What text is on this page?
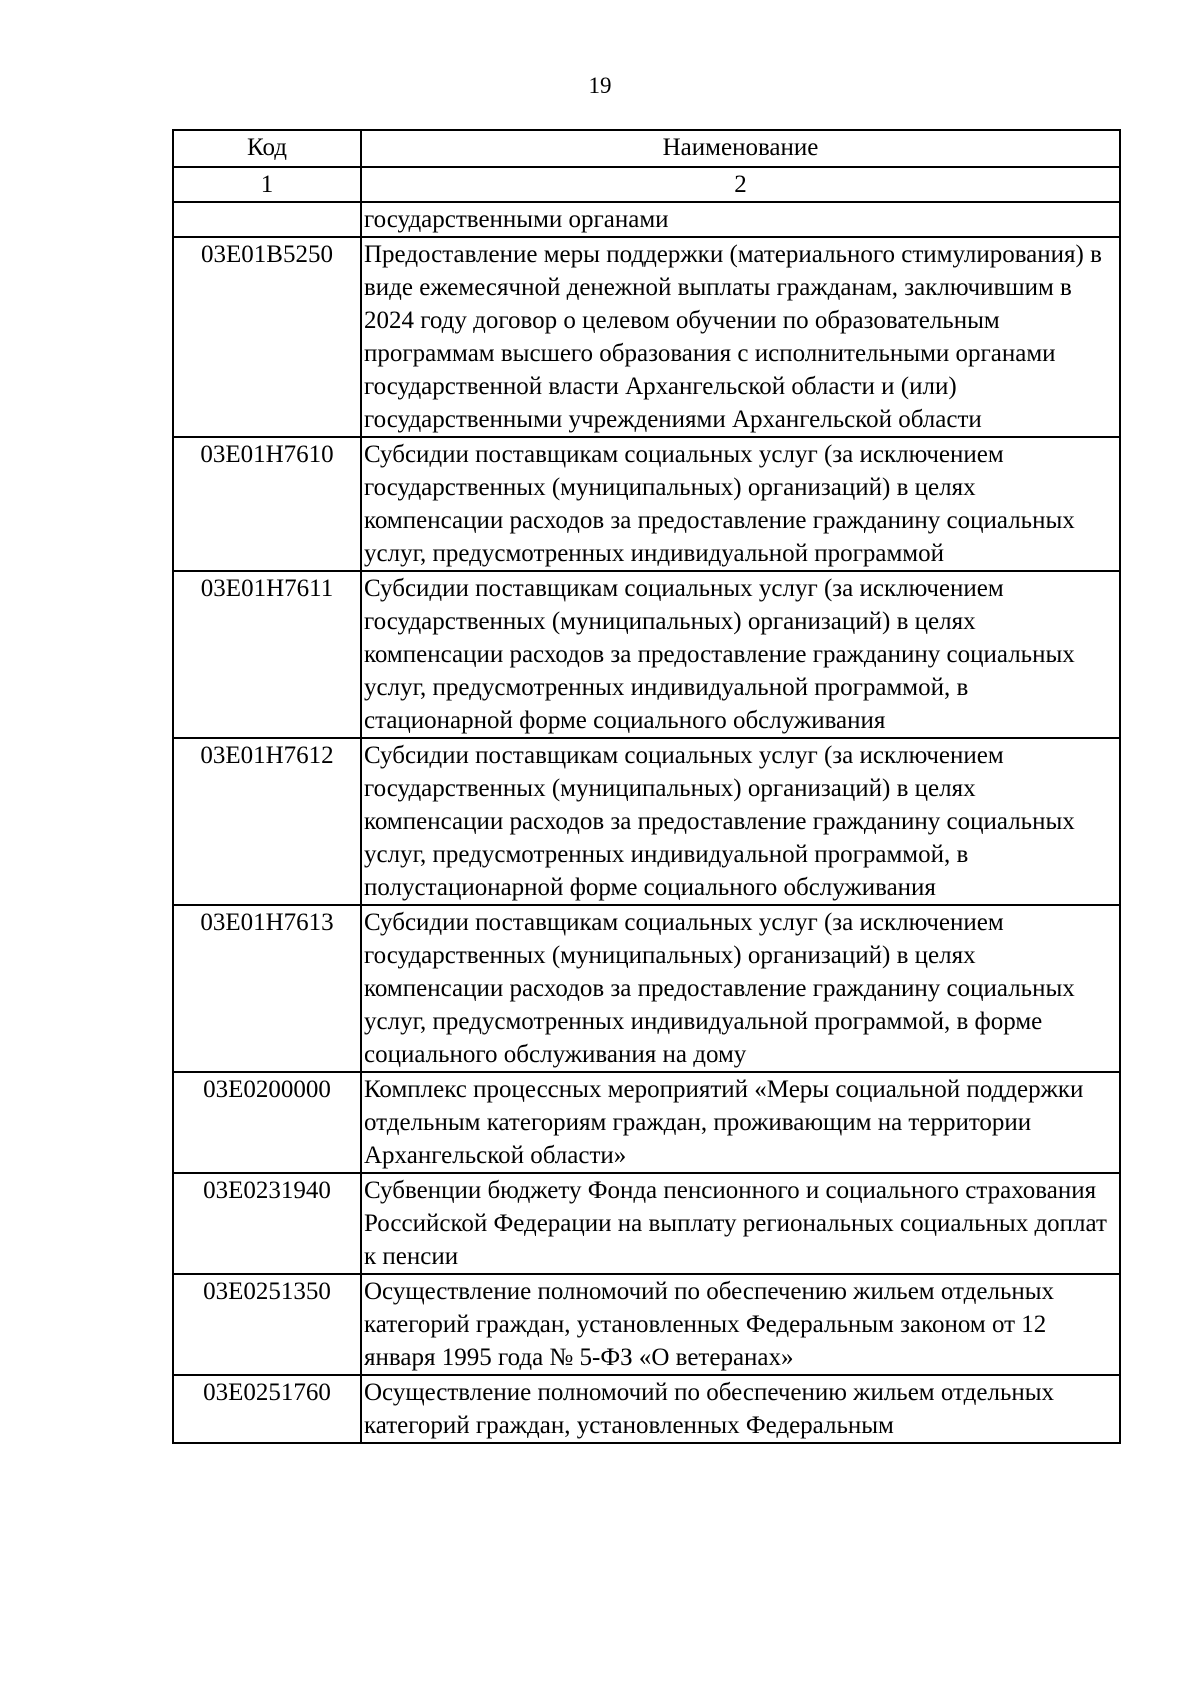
19
Код	Наименование
1	2
	государственными органами
03Е01В5250	Предоставление меры поддержки (материального стимулирования) в виде ежемесячной денежной выплаты гражданам, заключившим в 2024 году договор о целевом обучении по образовательным программам высшего образования с исполнительными органами государственной власти Архангельской области и (или) государственными учреждениями Архангельской области
03Е01Н7610	Субсидии поставщикам социальных услуг (за исключением государственных (муниципальных) организаций) в целях компенсации расходов за предоставление гражданину социальных услуг, предусмотренных индивидуальной программой
03Е01Н7611	Субсидии поставщикам социальных услуг (за исключением государственных (муниципальных) организаций) в целях компенсации расходов за предоставление гражданину социальных услуг, предусмотренных индивидуальной программой, в стационарной форме социального обслуживания
03Е01Н7612	Субсидии поставщикам социальных услуг (за исключением государственных (муниципальных) организаций) в целях компенсации расходов за предоставление гражданину социальных услуг, предусмотренных индивидуальной программой, в полустационарной форме социального обслуживания
03Е01Н7613	Субсидии поставщикам социальных услуг (за исключением государственных (муниципальных) организаций) в целях компенсации расходов за предоставление гражданину социальных услуг, предусмотренных индивидуальной программой, в форме социального обслуживания на дому
03Е0200000	Комплекс процессных мероприятий «Меры социальной поддержки отдельным категориям граждан, проживающим на территории Архангельской области»
03Е0231940	Субвенции бюджету Фонда пенсионного и социального страхования Российской Федерации на выплату региональных социальных доплат к пенсии
03Е0251350	Осуществление полномочий по обеспечению жильем отдельных категорий граждан, установленных Федеральным законом от 12 января 1995 года № 5-ФЗ «О ветеранах»
03Е0251760	Осуществление полномочий по обеспечению жильем отдельных категорий граждан, установленных Федеральным
